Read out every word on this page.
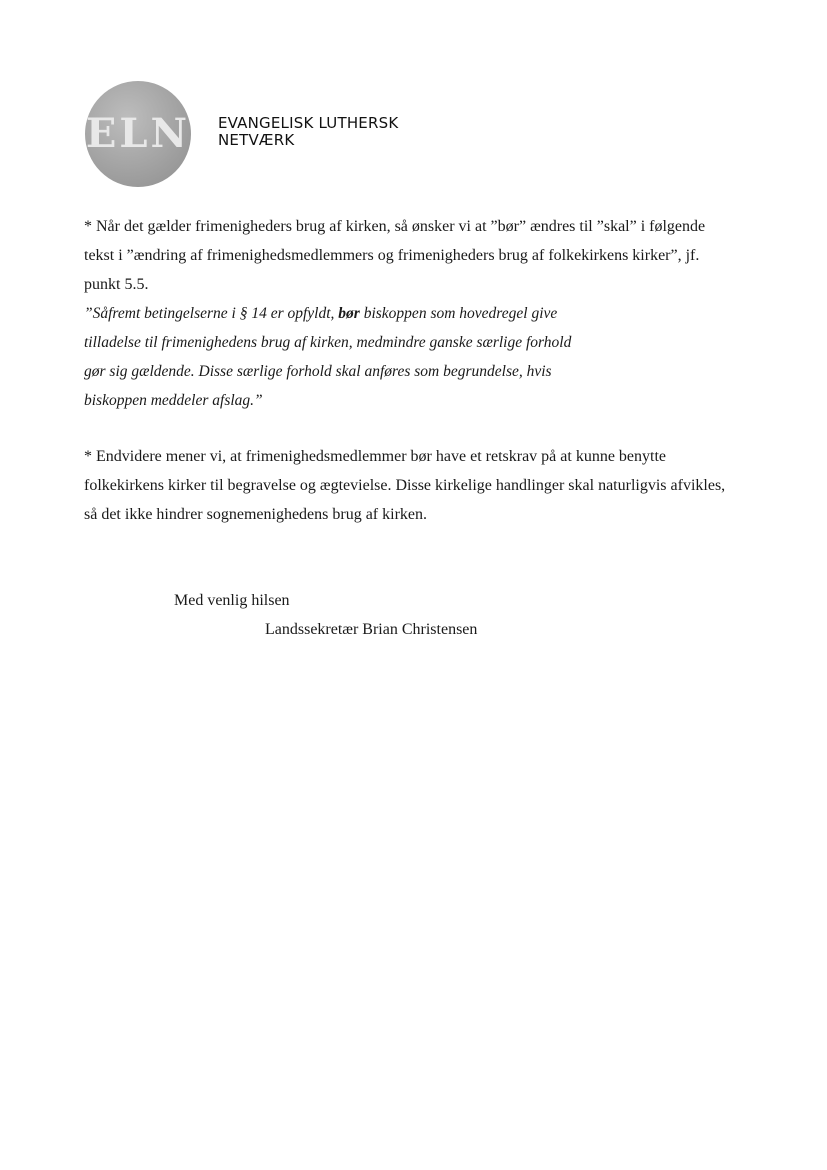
ELN EVANGELISK LUTHERSK
NETVÆRK
* Når det gælder frimenigheders brug af kirken, så ønsker vi at ”bør” ændres til ”skal” i følgende
tekst i ”ændring af frimenighedsmedlemmers og frimenigheders brug af folkekirkens kirker”, jf.
punkt 5.5.
”Såfremt betingelserne i § 14 er opfyldt, bør biskoppen som hovedregel give
tilladelse til frimenighedens brug af kirken, medmindre ganske særlige forhold
gør sig gældende. Disse særlige forhold skal anføres som begrundelse, hvis
biskoppen meddeler afslag.”
* Endvidere mener vi, at frimenighedsmedlemmer bør have et retskrav på at kunne benytte
folkekirkens kirker til begravelse og ægtevielse. Disse kirkelige handlinger skal naturligvis afvikles,
så det ikke hindrer sognemenighedens brug af kirken.
Med venlig hilsen
Landssekretær Brian Christensen
